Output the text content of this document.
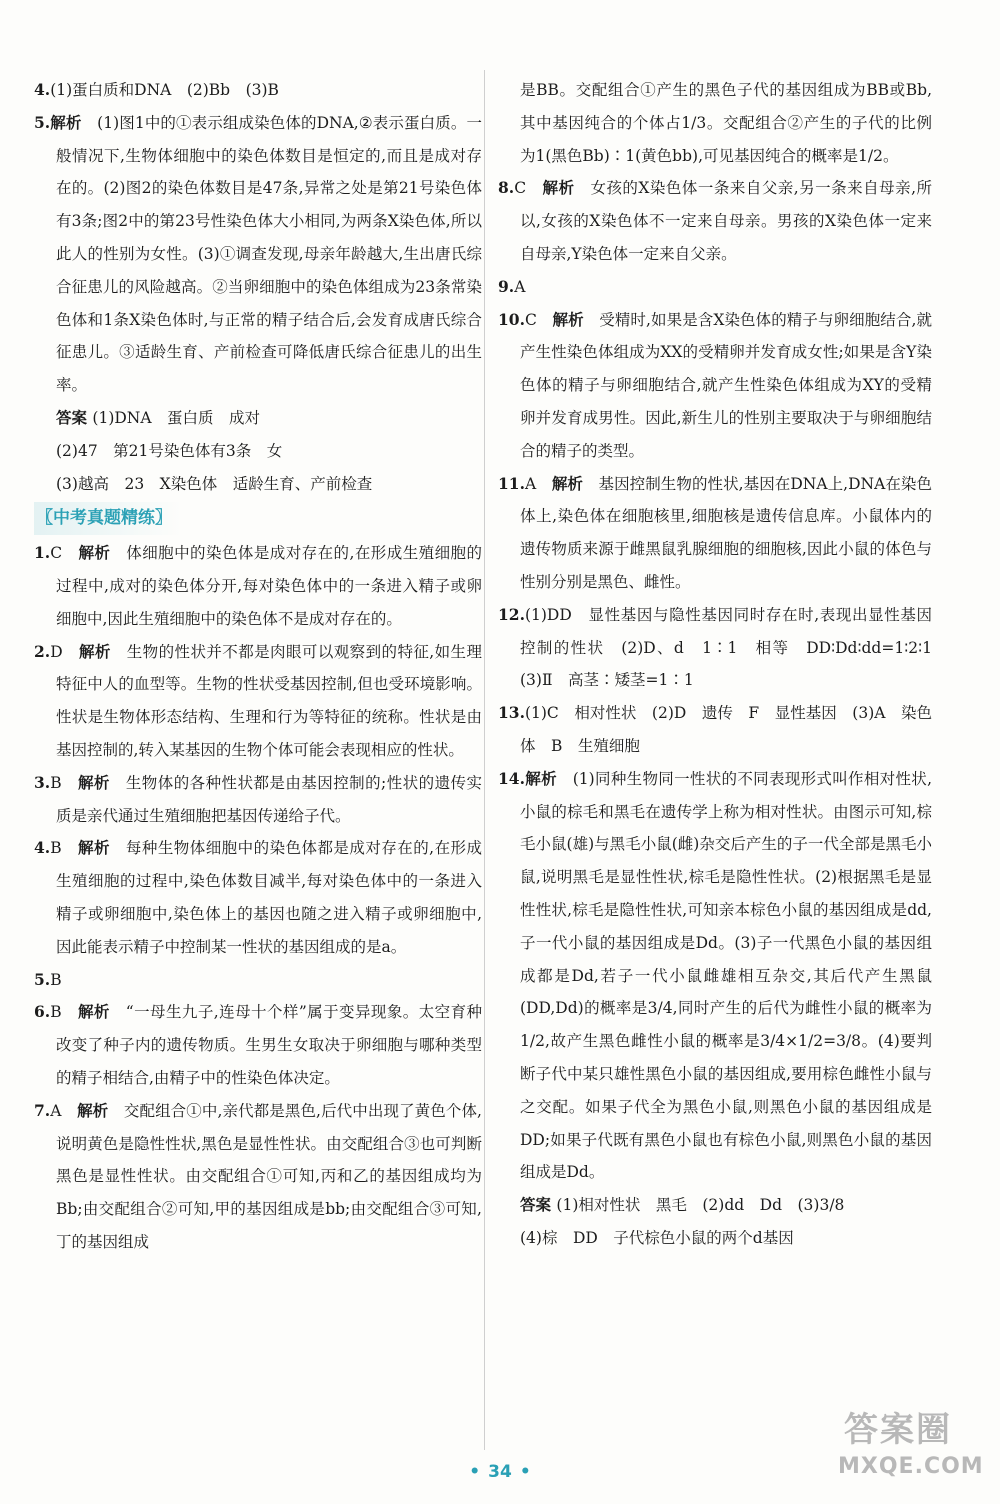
4.(1)蛋白质和DNA　(2)Bb　(3)B

5.解析　(1)图1中的①表示组成染色体的DNA,②表示蛋白质。一般情况下,生物体细胞中的染色体数目是恒定的,而且是成对存在的。(2)图2的染色体数目是47条,异常之处是第21号染色体有3条;图2中的第23号性染色体大小相同,为两条X染色体,所以此人的性别为女性。(3)①调查发现,母亲年龄越大,生出唐氏综合征患儿的风险越高。②当卵细胞中的染色体组成为23条常染色体和1条X染色体时,与正常的精子结合后,会发育成唐氏综合征患儿。③适龄生育、产前检查可降低唐氏综合征患儿的出生率。

答案 (1)DNA　蛋白质　成对
(2)47　第21号染色体有3条　女
(3)越高　23　X染色体　适龄生育、产前检查

〖中考真题精练〗

1.C　解析　体细胞中的染色体是成对存在的,在形成生殖细胞的过程中,成对的染色体分开,每对染色体中的一条进入精子或卵细胞中,因此生殖细胞中的染色体不是成对存在的。

2.D　解析　生物的性状并不都是肉眼可以观察到的特征,如生理特征中人的血型等。生物的性状受基因控制,但也受环境影响。性状是生物体形态结构、生理和行为等特征的统称。性状是由基因控制的,转入某基因的生物个体可能会表现相应的性状。

3.B　解析　生物体的各种性状都是由基因控制的;性状的遗传实质是亲代通过生殖细胞把基因传递给子代。

4.B　解析　每种生物体细胞中的染色体都是成对存在的,在形成生殖细胞的过程中,染色体数目减半,每对染色体中的一条进入精子或卵细胞中,染色体上的基因也随之进入精子或卵细胞中,因此能表示精子中控制某一性状的基因组成的是a。

5.B

6.B　解析　“一母生九子,连母十个样”属于变异现象。太空育种改变了种子内的遗传物质。生男生女取决于卵细胞与哪种类型的精子相结合,由精子中的性染色体决定。

7.A　解析　交配组合①中,亲代都是黑色,后代中出现了黄色个体,说明黄色是隐性性状,黑色是显性性状。由交配组合③也可判断黑色是显性性状。由交配组合①可知,丙和乙的基因组成均为Bb;由交配组合②可知,甲的基因组成是bb;由交配组合③可知,丁的基因组成

是BB。交配组合①产生的黑色子代的基因组成为BB或Bb,其中基因纯合的个体占1/3。交配组合②产生的子代的比例为1(黑色Bb)∶1(黄色bb),可见基因纯合的概率是1/2。

8.C　解析　女孩的X染色体一条来自父亲,另一条来自母亲,所以,女孩的X染色体不一定来自母亲。男孩的X染色体一定来自母亲,Y染色体一定来自父亲。

9.A

10.C　解析　受精时,如果是含X染色体的精子与卵细胞结合,就产生性染色体组成为XX的受精卵并发育成女性;如果是含Y染色体的精子与卵细胞结合,就产生性染色体组成为XY的受精卵并发育成男性。因此,新生儿的性别主要取决于与卵细胞结合的精子的类型。

11.A　解析　基因控制生物的性状,基因在DNA上,DNA在染色体上,染色体在细胞核里,细胞核是遗传信息库。小鼠体内的遗传物质来源于雌黑鼠乳腺细胞的细胞核,因此小鼠的体色与性别分别是黑色、雌性。

12.(1)DD　显性基因与隐性基因同时存在时,表现出显性基因控制的性状　(2)D、d　1∶1　相等　DD∶Dd∶dd=1∶2∶1　(3)Ⅱ　高茎∶矮茎=1∶1

13.(1)C　相对性状　(2)D　遗传　F　显性基因　(3)A　染色体　B　生殖细胞

14.解析　(1)同种生物同一性状的不同表现形式叫作相对性状,小鼠的棕毛和黑毛在遗传学上称为相对性状。由图示可知,棕毛小鼠(雄)与黑毛小鼠(雌)杂交后产生的子一代全部是黑毛小鼠,说明黑毛是显性性状,棕毛是隐性性状。(2)根据黑毛是显性性状,棕毛是隐性性状,可知亲本棕色小鼠的基因组成是dd,子一代小鼠的基因组成是Dd。(3)子一代黑色小鼠的基因组成都是Dd,若子一代小鼠雌雄相互杂交,其后代产生黑鼠(DD,Dd)的概率是3/4,同时产生的后代为雌性小鼠的概率为1/2,故产生黑色雌性小鼠的概率是3/4×1/2=3/8。(4)要判断子代中某只雄性黑色小鼠的基因组成,要用棕色雌性小鼠与之交配。如果子代全为黑色小鼠,则黑色小鼠的基因组成是DD;如果子代既有黑色小鼠也有棕色小鼠,则黑色小鼠的基因组成是Dd。

答案 (1)相对性状　黑毛　(2)dd　Dd　(3)3/8
(4)棕　DD　子代棕色小鼠的两个d基因

• 34 •
答案圈
MXQE.COM
